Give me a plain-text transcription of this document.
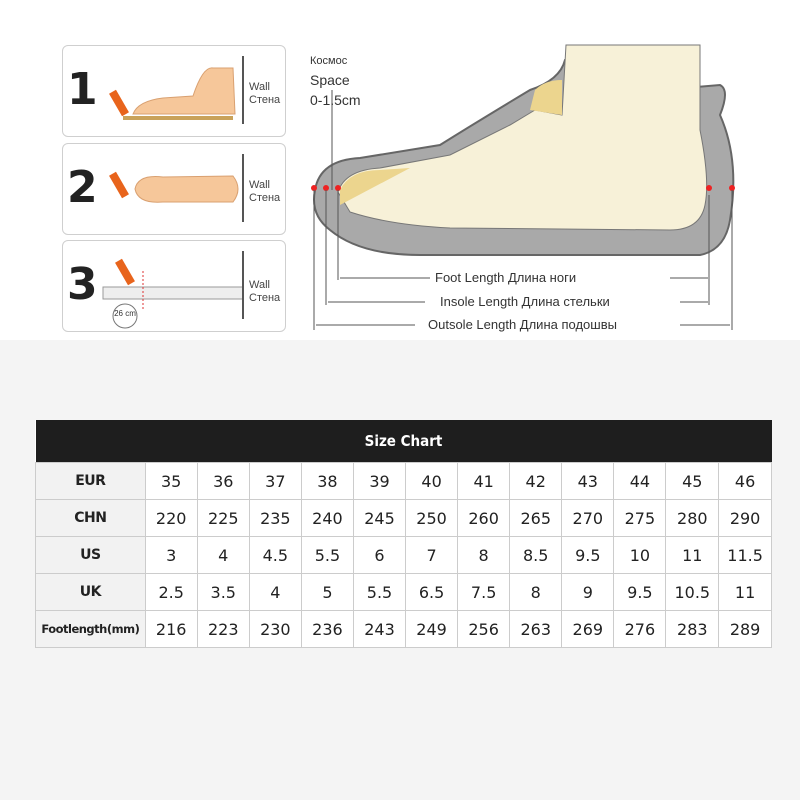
1	Wall
Стена
2	Wall
Стена
3	Wall
Стена
26 cm
Космос
Space
0-1.5cm
Foot Length Длина ноги
Insole Length Длина стельки
Outsole Length Длина подошвы
Size Chart												
EUR	35	36	37	38	39	40	41	42	43	44	45	46
CHN	220	225	235	240	245	250	260	265	270	275	280	290
US	3	4	4.5	5.5	6	7	8	8.5	9.5	10	11	11.5
UK	2.5	3.5	4	5	5.5	6.5	7.5	8	9	9.5	10.5	11
Footlength(mm)	216	223	230	236	243	249	256	263	269	276	283	289
